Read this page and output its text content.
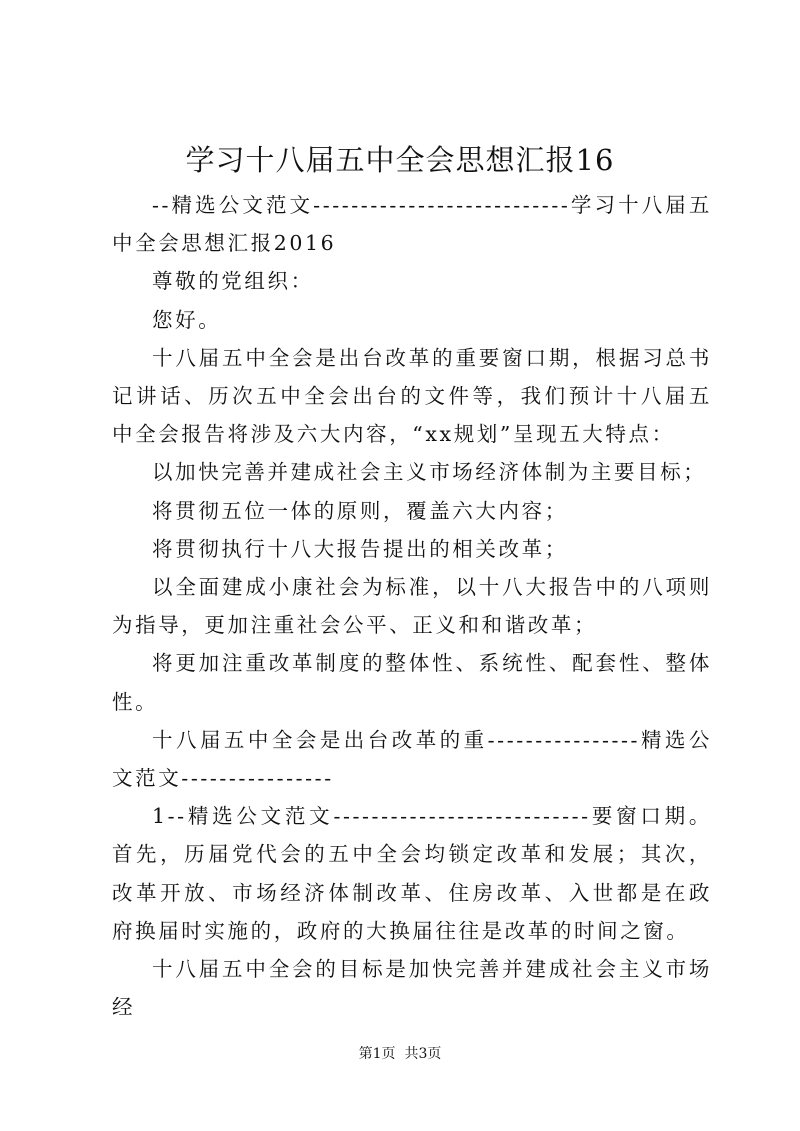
学习十八届五中全会思想汇报16

--精选公文范文---------------------------学习十八届五中全会思想汇报2016

尊敬的党组织：

您好。

十八届五中全会是出台改革的重要窗口期，根据习总书记讲话、历次五中全会出台的文件等，我们预计十八届五中全会报告将涉及六大内容，“xx规划”呈现五大特点：

以加快完善并建成社会主义市场经济体制为主要目标；

将贯彻五位一体的原则，覆盖六大内容；

将贯彻执行十八大报告提出的相关改革；

以全面建成小康社会为标准，以十八大报告中的八项则为指导，更加注重社会公平、正义和和谐改革；

将更加注重改革制度的整体性、系统性、配套性、整体性。

十八届五中全会是出台改革的重----------------精选公文范文----------------

1--精选公文范文---------------------------要窗口期。首先，历届党代会的五中全会均锁定改革和发展；其次，改革开放、市场经济体制改革、住房改革、入世都是在政府换届时实施的，政府的大换届往往是改革的时间之窗。

十八届五中全会的目标是加快完善并建成社会主义市场经

第1页  共3页
